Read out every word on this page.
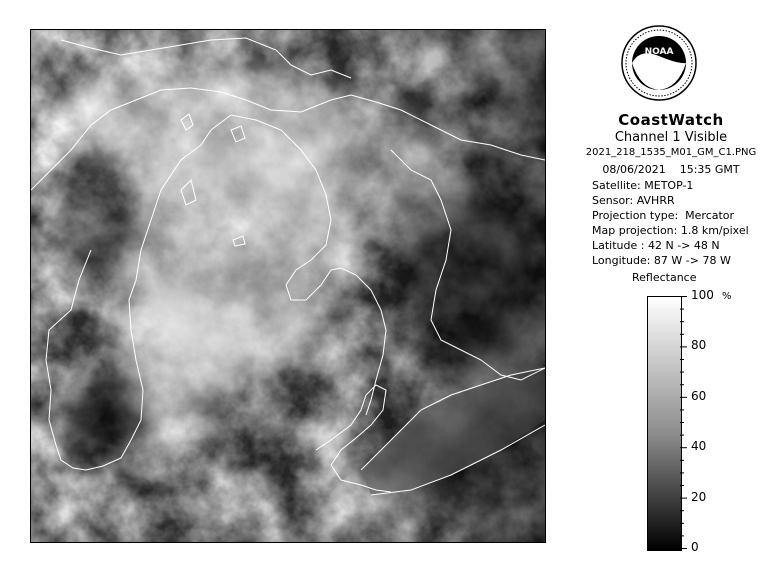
NOAA
CoastWatch
Channel 1 Visible
2021_218_1535_M01_GM_C1.PNG
08/06/2021    15:35 GMT
Satellite: METOP-1
Sensor: AVHRR
Projection type:  Mercator
Map projection: 1.8 km/pixel
Latitude : 42 N -> 48 N
Longitude: 87 W -> 78 W
Reflectance
%
100
80
60
40
20
0
